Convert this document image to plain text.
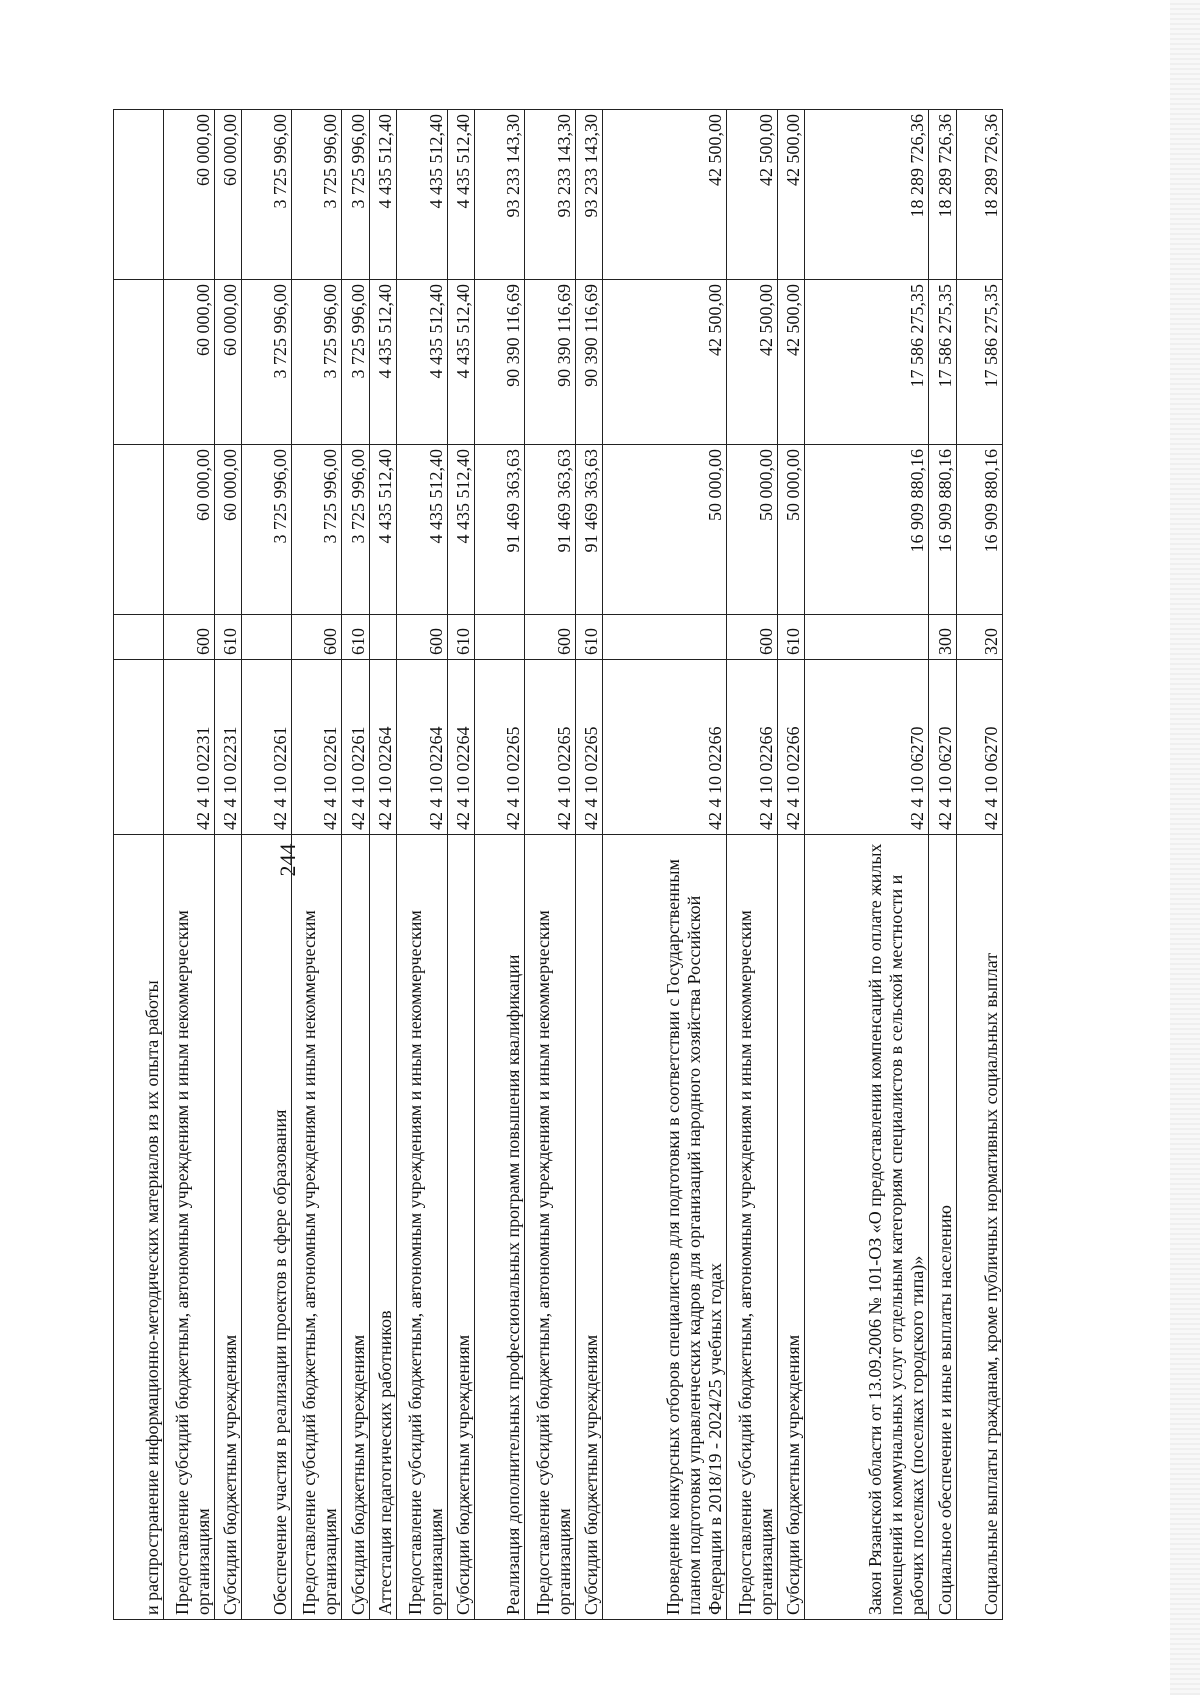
244
и распространение информационно-методических материалов из их опыта работы					
Предоставление субсидий бюджетным, автономным учреждениям и иным некоммерческим организациям	42 4 10 02231	600	60 000,00	60 000,00	60 000,00
Субсидии бюджетным учреждениям	42 4 10 02231	610	60 000,00	60 000,00	60 000,00
Обеспечение участия в реализации проектов в сфере образования	42 4 10 02261		3 725 996,00	3 725 996,00	3 725 996,00
Предоставление субсидий бюджетным, автономным учреждениям и иным некоммерческим организациям	42 4 10 02261	600	3 725 996,00	3 725 996,00	3 725 996,00
Субсидии бюджетным учреждениям	42 4 10 02261	610	3 725 996,00	3 725 996,00	3 725 996,00
Аттестация педагогических работников	42 4 10 02264		4 435 512,40	4 435 512,40	4 435 512,40
Предоставление субсидий бюджетным, автономным учреждениям и иным некоммерческим организациям	42 4 10 02264	600	4 435 512,40	4 435 512,40	4 435 512,40
Субсидии бюджетным учреждениям	42 4 10 02264	610	4 435 512,40	4 435 512,40	4 435 512,40
Реализация дополнительных профессиональных программ повышения квалификации	42 4 10 02265		91 469 363,63	90 390 116,69	93 233 143,30
Предоставление субсидий бюджетным, автономным учреждениям и иным некоммерческим организациям	42 4 10 02265	600	91 469 363,63	90 390 116,69	93 233 143,30
Субсидии бюджетным учреждениям	42 4 10 02265	610	91 469 363,63	90 390 116,69	93 233 143,30
Проведение конкурсных отборов специалистов для подготовки в соответствии с Государственным планом подготовки управленческих кадров для организаций народного хозяйства Российской Федерации в 2018/19 - 2024/25 учебных годах	42 4 10 02266		50 000,00	42 500,00	42 500,00
Предоставление субсидий бюджетным, автономным учреждениям и иным некоммерческим организациям	42 4 10 02266	600	50 000,00	42 500,00	42 500,00
Субсидии бюджетным учреждениям	42 4 10 02266	610	50 000,00	42 500,00	42 500,00
Закон Рязанской области от 13.09.2006 № 101-ОЗ «О предоставлении компенсаций по оплате жилых помещений и коммунальных услуг отдельным категориям специалистов в сельской местности и рабочих поселках (поселках городского типа)»	42 4 10 06270		16 909 880,16	17 586 275,35	18 289 726,36
Социальное обеспечение и иные выплаты населению	42 4 10 06270	300	16 909 880,16	17 586 275,35	18 289 726,36
Социальные выплаты гражданам, кроме публичных нормативных социальных выплат	42 4 10 06270	320	16 909 880,16	17 586 275,35	18 289 726,36
